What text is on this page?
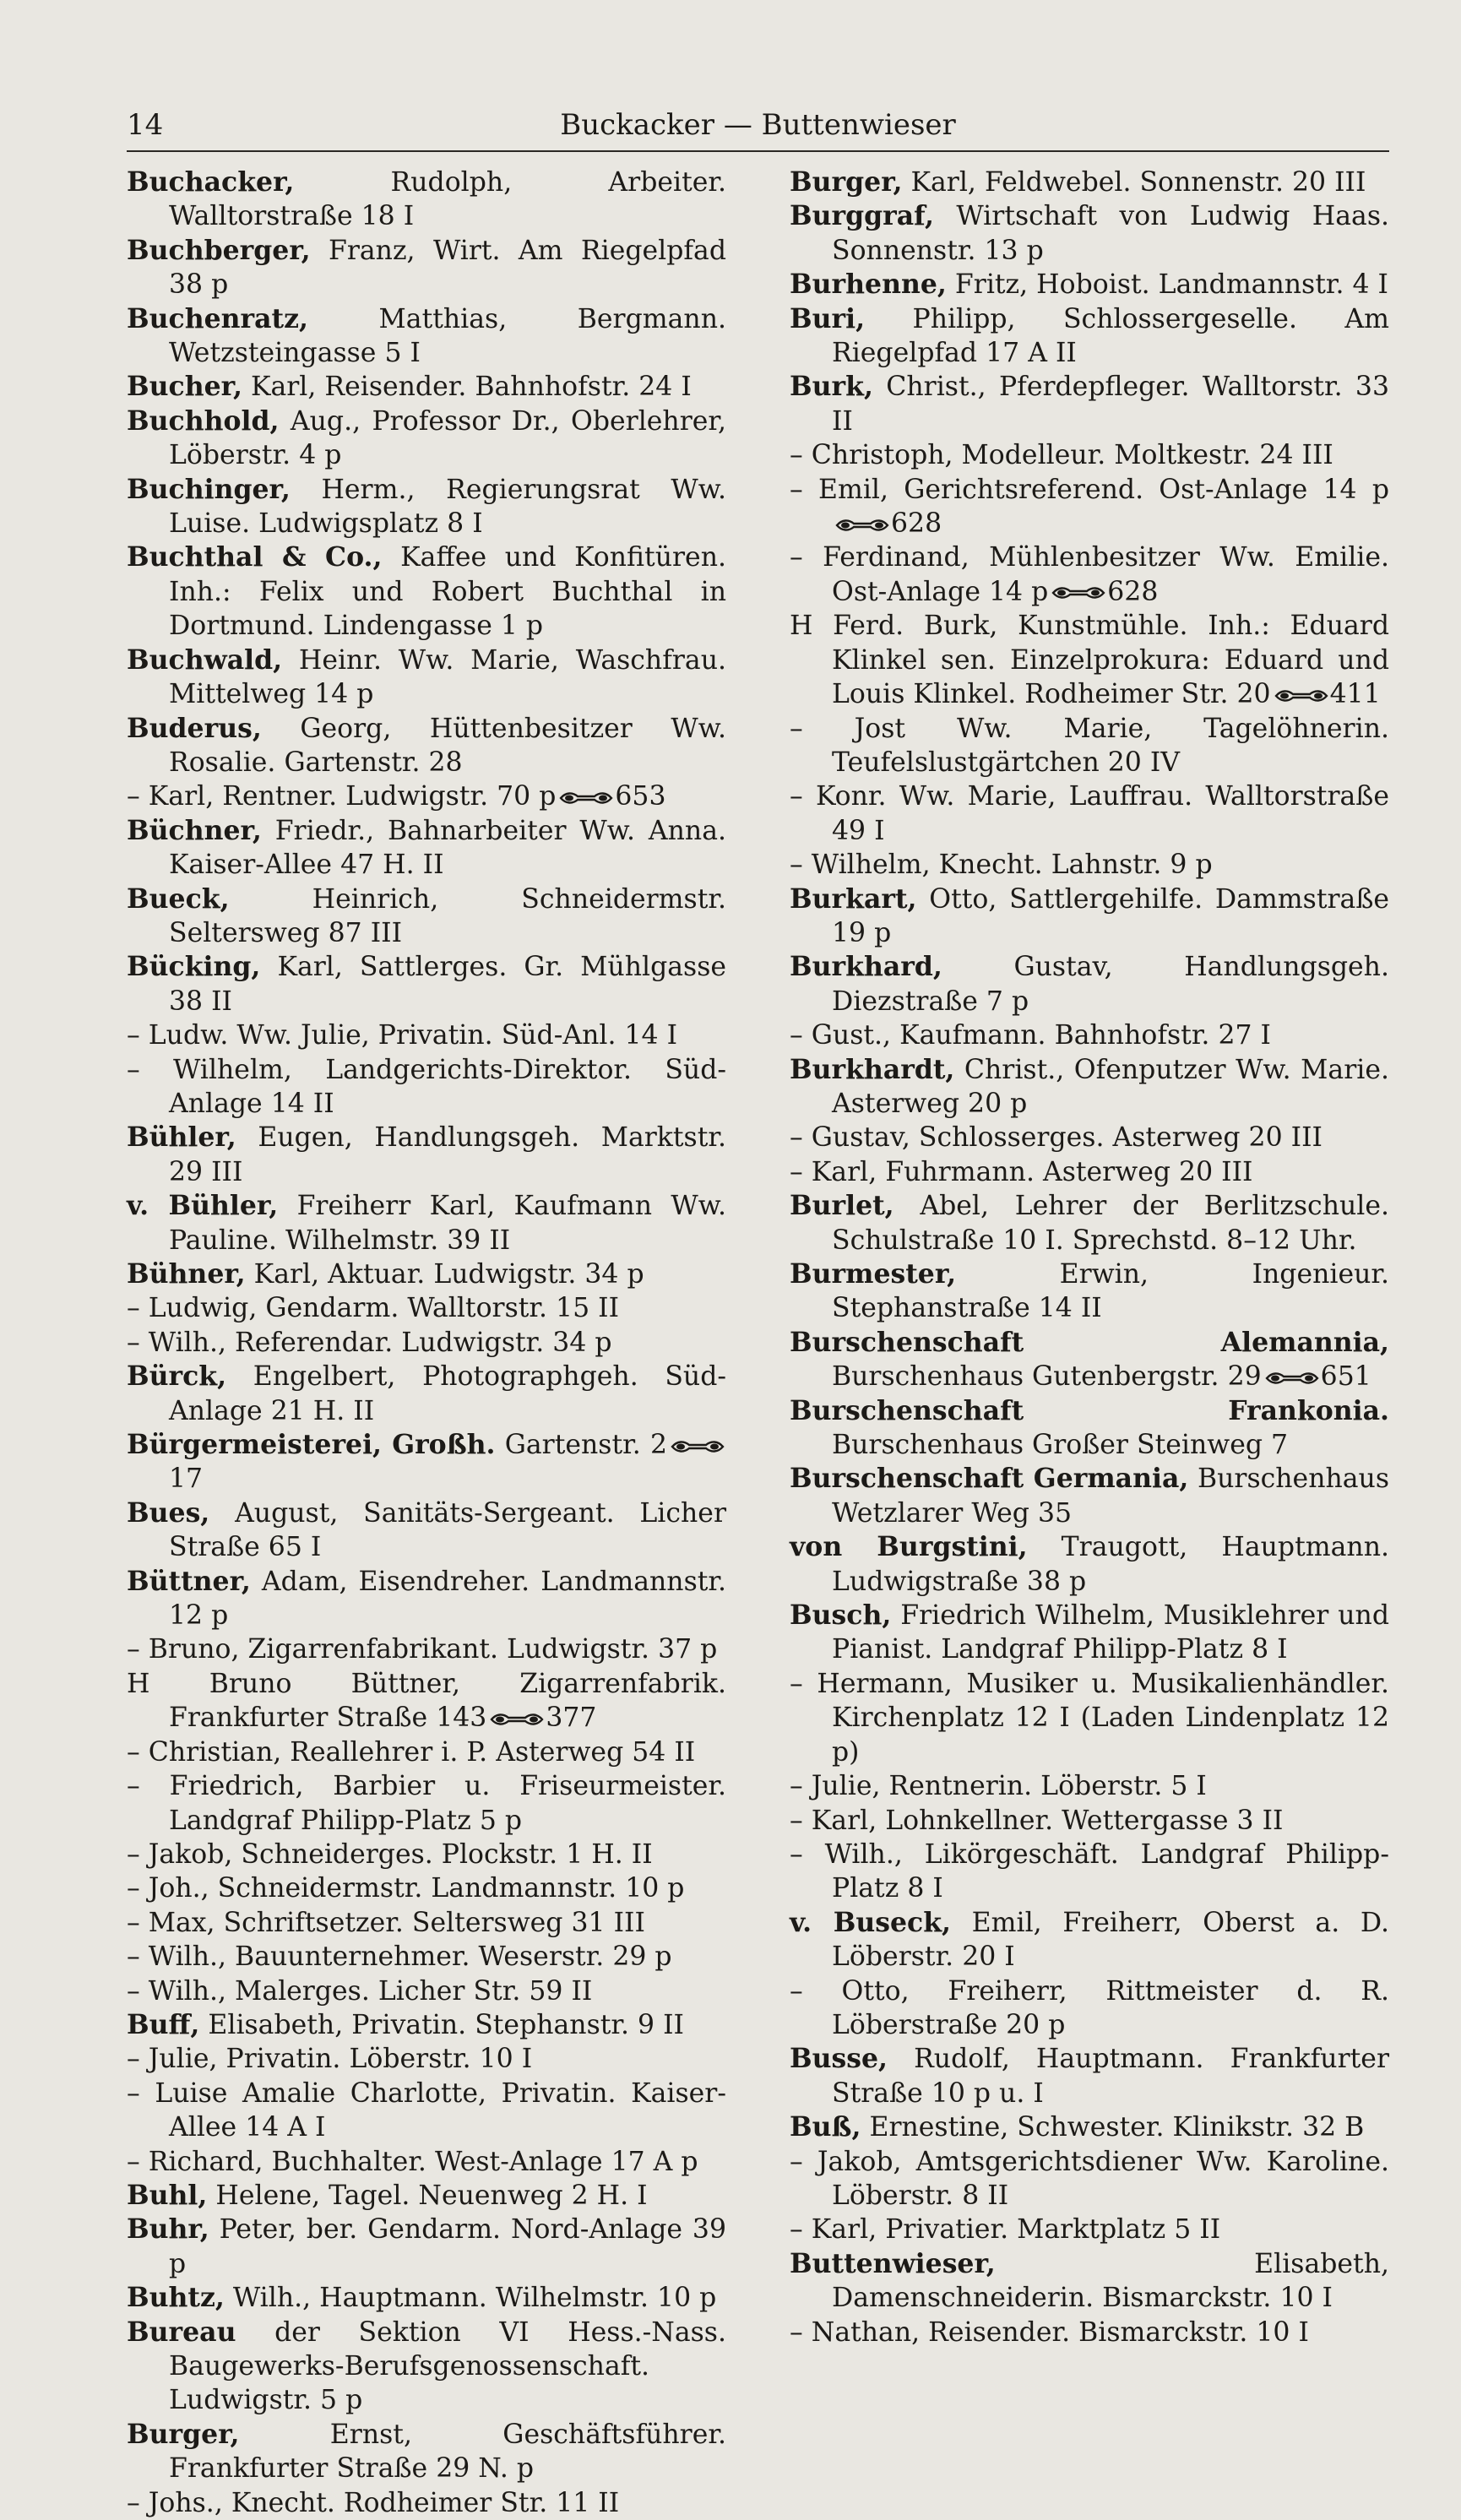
14	Buckacker — Buttenwieser

Buchacker,	Rudolph, Arbeiter. Walltorstraße 18 I

Buchberger, Franz, Wirt. Am Riegelpfad 38 p

Buchenratz,	Matthias, Bergmann. Wetzsteingasse 5 I

Bucher, Karl, Reisender. Bahnhofstr. 24 I

Buchhold, Aug., Professor Dr., Oberlehrer, Löberstr. 4 p

Buchinger, Herm., Regierungsrat Ww. Luise. Ludwigsplatz 8 I

Buchthal & Co., Kaffee und Konfitüren. Inh.: Felix und Robert Buchthal in Dortmund. Lindengasse 1 p

Buchwald, Heinr. Ww. Marie, Waschfrau. Mittelweg 14 p

Buderus, Georg, Hüttenbesitzer Ww. Rosalie. Gartenstr. 28

– Karl, Rentner. Ludwigstr. 70 p 653

Büchner, Friedr., Bahnarbeiter Ww. Anna. Kaiser-Allee 47 H. II

Bueck,	Heinrich, Schneidermstr. Seltersweg 87 III

Bücking, Karl, Sattlerges. Gr. Mühlgasse 38 II

– Ludw. Ww. Julie, Privatin. Süd-Anl. 14 I

– Wilhelm, Landgerichts-Direktor. Süd-Anlage 14 II

Bühler, Eugen, Handlungsgeh. Marktstr. 29 III

v. Bühler, Freiherr Karl, Kaufmann Ww. Pauline. Wilhelmstr. 39 II

Bühner, Karl, Aktuar. Ludwigstr. 34 p

– Ludwig, Gendarm. Walltorstr. 15 II

– Wilh., Referendar. Ludwigstr. 34 p

Bürck, Engelbert, Photographgeh. Süd-Anlage 21 H. II

Bürgermeisterei, Großh. Gartenstr. 217

Bues, August, Sanitäts-Sergeant. Licher Straße 65 I

Büttner, Adam, Eisendreher. Landmannstr. 12 p

– Bruno, Zigarrenfabrikant. Ludwigstr. 37 p

H Bruno Büttner, Zigarrenfabrik. Frankfurter Straße 143 377

– Christian, Reallehrer i. P. Asterweg 54 II

– Friedrich, Barbier u. Friseurmeister. Landgraf Philipp-Platz 5 p

– Jakob, Schneiderges. Plockstr. 1 H. II

– Joh., Schneidermstr. Landmannstr. 10 p

– Max, Schriftsetzer. Seltersweg 31 III

– Wilh., Bauunternehmer. Weserstr. 29 p

– Wilh., Malerges. Licher Str. 59 II

Buff, Elisabeth, Privatin. Stephanstr. 9 II

– Julie, Privatin. Löberstr. 10 I

– Luise Amalie Charlotte, Privatin. Kaiser-Allee 14 A I

– Richard, Buchhalter. West-Anlage 17 A p

Buhl, Helene, Tagel. Neuenweg 2 H. I

Buhr, Peter, ber. Gendarm. Nord-Anlage 39 p

Buhtz, Wilh., Hauptmann. Wilhelmstr. 10 p

Bureau der Sektion VI Hess.-Nass. Baugewerks-Berufsgenossenschaft. Ludwigstr. 5 p

Burger,	Ernst, Geschäftsführer. Frankfurter Straße 29 N. p

– Johs., Knecht. Rodheimer Str. 11 II

Burger, Karl, Feldwebel. Sonnenstr. 20 III

Burggraf, Wirtschaft von Ludwig Haas. Sonnenstr. 13 p

Burhenne, Fritz, Hoboist. Landmannstr. 4 I

Buri, Philipp, Schlossergeselle. Am Riegelpfad 17 A II

Burk, Christ., Pferdepfleger. Walltorstr. 33 II

– Christoph, Modelleur. Moltkestr. 24 III

– Emil, Gerichtsreferend. Ost-Anlage 14 p628

– Ferdinand, Mühlenbesitzer Ww. Emilie. Ost-Anlage 14 p 628

H Ferd. Burk, Kunstmühle. Inh.: Eduard Klinkel sen. Einzelprokura: Eduard und Louis Klinkel. Rodheimer Str. 20 411

– Jost Ww. Marie, Tagelöhnerin. Teufelslustgärtchen 20 IV

– Konr. Ww. Marie, Lauffrau. Walltorstraße 49 I

– Wilhelm, Knecht. Lahnstr. 9 p

Burkart, Otto, Sattlergehilfe. Dammstraße 19 p

Burkhard,	Gustav, Handlungsgeh. Diezstraße 7 p

– Gust., Kaufmann. Bahnhofstr. 27 I

Burkhardt, Christ., Ofenputzer Ww. Marie. Asterweg 20 p

– Gustav, Schlosserges. Asterweg 20 III

– Karl, Fuhrmann. Asterweg 20 III

Burlet, Abel, Lehrer der Berlitzschule. Schulstraße 10 I. Sprechstd. 8–12 Uhr.

Burmester,	Erwin, Ingenieur. Stephanstraße 14 II

Burschenschaft Alemannia, Burschenhaus Gutenbergstr. 29 651

Burschenschaft Frankonia. Burschenhaus Großer Steinweg 7

Burschenschaft Germania, Burschenhaus Wetzlarer Weg 35

von Burgstini, Traugott, Hauptmann. Ludwigstraße 38 p

Busch, Friedrich Wilhelm, Musiklehrer und Pianist. Landgraf Philipp-Platz 8 I

– Hermann, Musiker u. Musikalienhändler. Kirchenplatz 12 I (Laden Lindenplatz 12 p)

– Julie, Rentnerin. Löberstr. 5 I

– Karl, Lohnkellner. Wettergasse 3 II

– Wilh., Likörgeschäft. Landgraf Philipp-Platz 8 I

v. Buseck, Emil, Freiherr, Oberst a. D. Löberstr. 20 I

– Otto, Freiherr, Rittmeister d. R. Löberstraße 20 p

Busse, Rudolf, Hauptmann. Frankfurter Straße 10 p u. I

Buß, Ernestine, Schwester. Klinikstr. 32 B

– Jakob, Amtsgerichtsdiener Ww. Karoline. Löberstr. 8 II

– Karl, Privatier. Marktplatz 5 II

Buttenwieser,	Elisabeth, Damenschneiderin. Bismarckstr. 10 I

– Nathan, Reisender. Bismarckstr. 10 I
